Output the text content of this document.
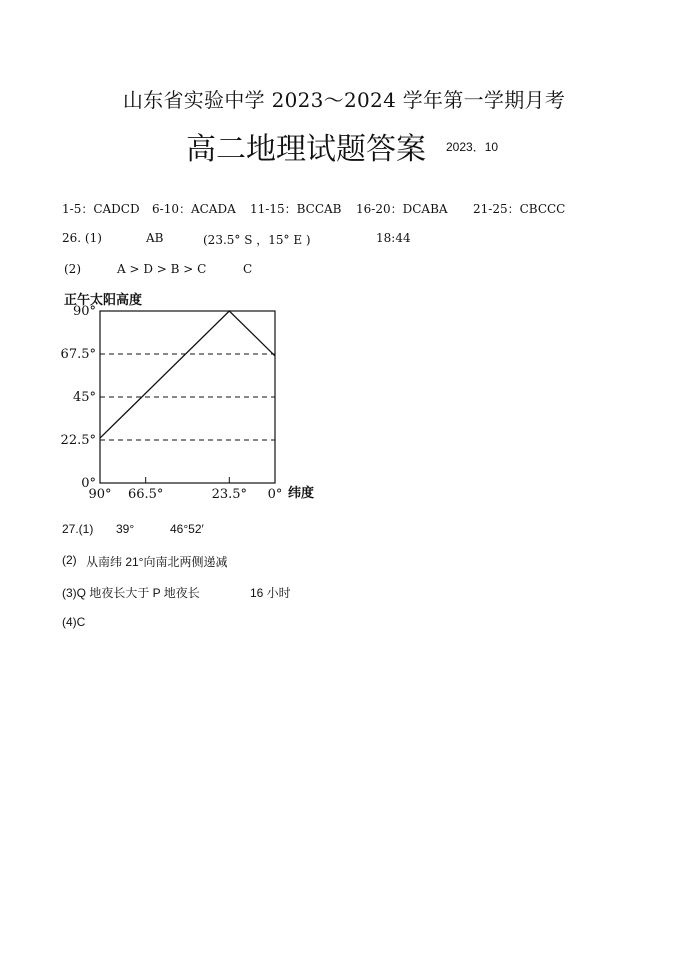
山东省实验中学 2023～2024 学年第一学期月考
高二地理试题答案 2023．10
1-5：CADCD 6-10：ACADA 11-15：BCCAB 16-20：DCABA 21-25：CBCCC
26. (1)	AB	(23.5° S ，15° E )	18:44
(2)	A > D > B > C	C
正午太阳高度
90°
67.5°
45°
22.5°
0°
90° 66.5°	23.5° 0° 纬度
27.(1) 39°	46°52′
(2) 从南纬 21°向南北两侧递减
(3)Q 地夜长大于 P 地夜长	16 小时
(4)C
